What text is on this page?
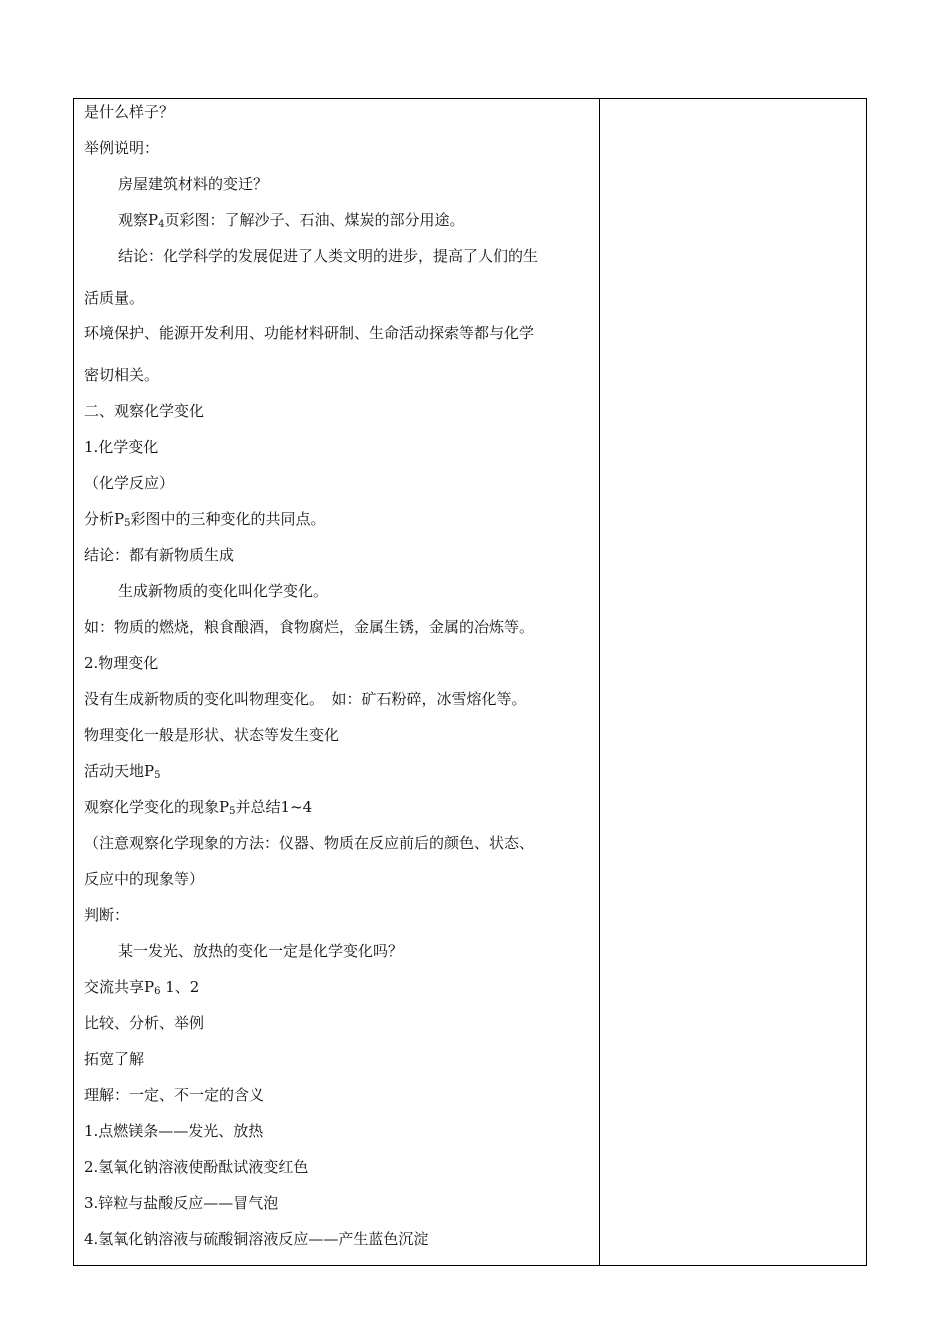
是什么样子？
举例说明：
房屋建筑材料的变迁？
观察$P_4$页彩图：了解沙子、石油、煤炭的部分用途。
结论：化学科学的发展促进了人类文明的进步，提高了人们的生
活质量。
环境保护、能源开发利用、功能材料研制、生命活动探索等都与化学
密切相关。
二、观察化学变化
1.化学变化
（化学反应）
分析$P_5$彩图中的三种变化的共同点。
结论：都有新物质生成
生成新物质的变化叫化学变化。
如：物质的燃烧，粮食酿酒，食物腐烂，金属生锈，金属的冶炼等。
2.物理变化
没有生成新物质的变化叫物理变化。　如：矿石粉碎，冰雪熔化等。
物理变化一般是形状、状态等发生变化
活动天地$P_5$
观察化学变化的现象$P_5$并总结1~4
（注意观察化学现象的方法：仪器、物质在反应前后的颜色、状态、
反应中的现象等）
判断：
某一发光、放热的变化一定是化学变化吗？
交流共享$P_6$ 1、2
比较、分析、举例
拓宽了解
理解：一定、不一定的含义
1.点燃镁条——发光、放热
2.氢氧化钠溶液使酚酞试液变红色
3.锌粒与盐酸反应——冒气泡
4.氢氧化钠溶液与硫酸铜溶液反应——产生蓝色沉淀
